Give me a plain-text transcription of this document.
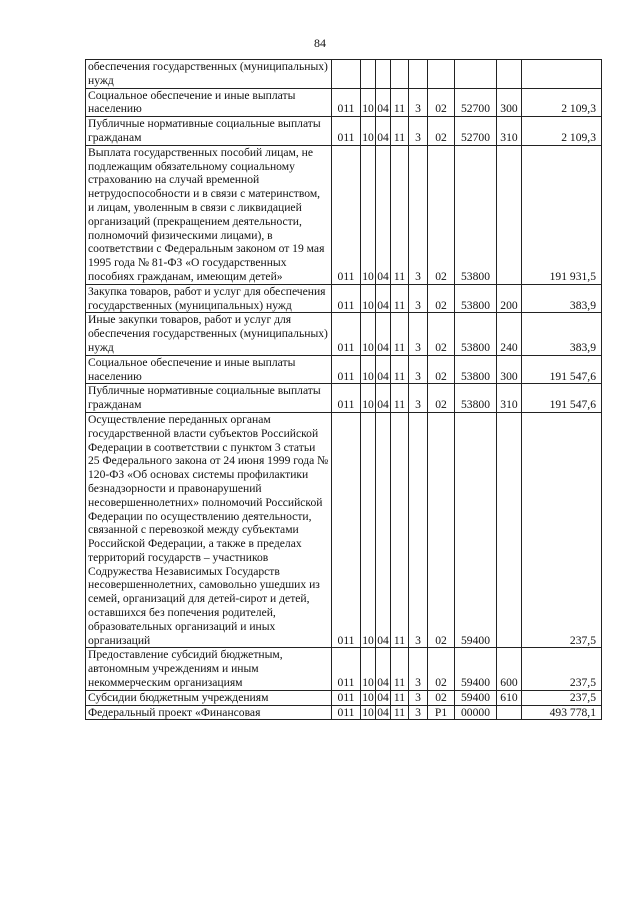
84
обеспечения государственных (муниципальных) нужд									
Социальное обеспечение и иные выплаты населению	011	10	04	11	3	02	52700	300	2 109,3
Публичные нормативные социальные выплаты гражданам	011	10	04	11	3	02	52700	310	2 109,3
Выплата государственных пособий лицам, не подлежащим обязательному социальному страхованию на случай временной нетрудоспособности и в связи с материнством, и лицам, уволенным в связи с ликвидацией организаций (прекращением деятельности, полномочий физическими лицами), в соответствии с Федеральным законом от 19 мая 1995 года № 81-ФЗ «О государственных пособиях гражданам, имеющим детей»	011	10	04	11	3	02	53800		191 931,5
Закупка товаров, работ и услуг для обеспечения государственных (муниципальных) нужд	011	10	04	11	3	02	53800	200	383,9
Иные закупки товаров, работ и услуг для обеспечения государственных (муниципальных) нужд	011	10	04	11	3	02	53800	240	383,9
Социальное обеспечение и иные выплаты населению	011	10	04	11	3	02	53800	300	191 547,6
Публичные нормативные социальные выплаты гражданам	011	10	04	11	3	02	53800	310	191 547,6
Осуществление переданных органам государственной власти субъектов Российской Федерации в соответствии с пунктом 3 статьи 25 Федерального закона от 24 июня 1999 года № 120-ФЗ «Об основах системы профилактики безнадзорности и правонарушений несовершеннолетних» полномочий Российской Федерации по осуществлению деятельности, связанной с перевозкой между субъектами Российской Федерации, а также в пределах территорий государств – участников Содружества Независимых Государств несовершеннолетних, самовольно ушедших из семей, организаций для детей-сирот и детей, оставшихся без попечения родителей, образовательных организаций и иных организаций	011	10	04	11	3	02	59400		237,5
Предоставление субсидий бюджетным, автономным учреждениям и иным некоммерческим организациям	011	10	04	11	3	02	59400	600	237,5
Субсидии бюджетным учреждениям	011	10	04	11	3	02	59400	610	237,5
Федеральный проект «Финансовая	011	10	04	11	3	Р1	00000		493 778,1
